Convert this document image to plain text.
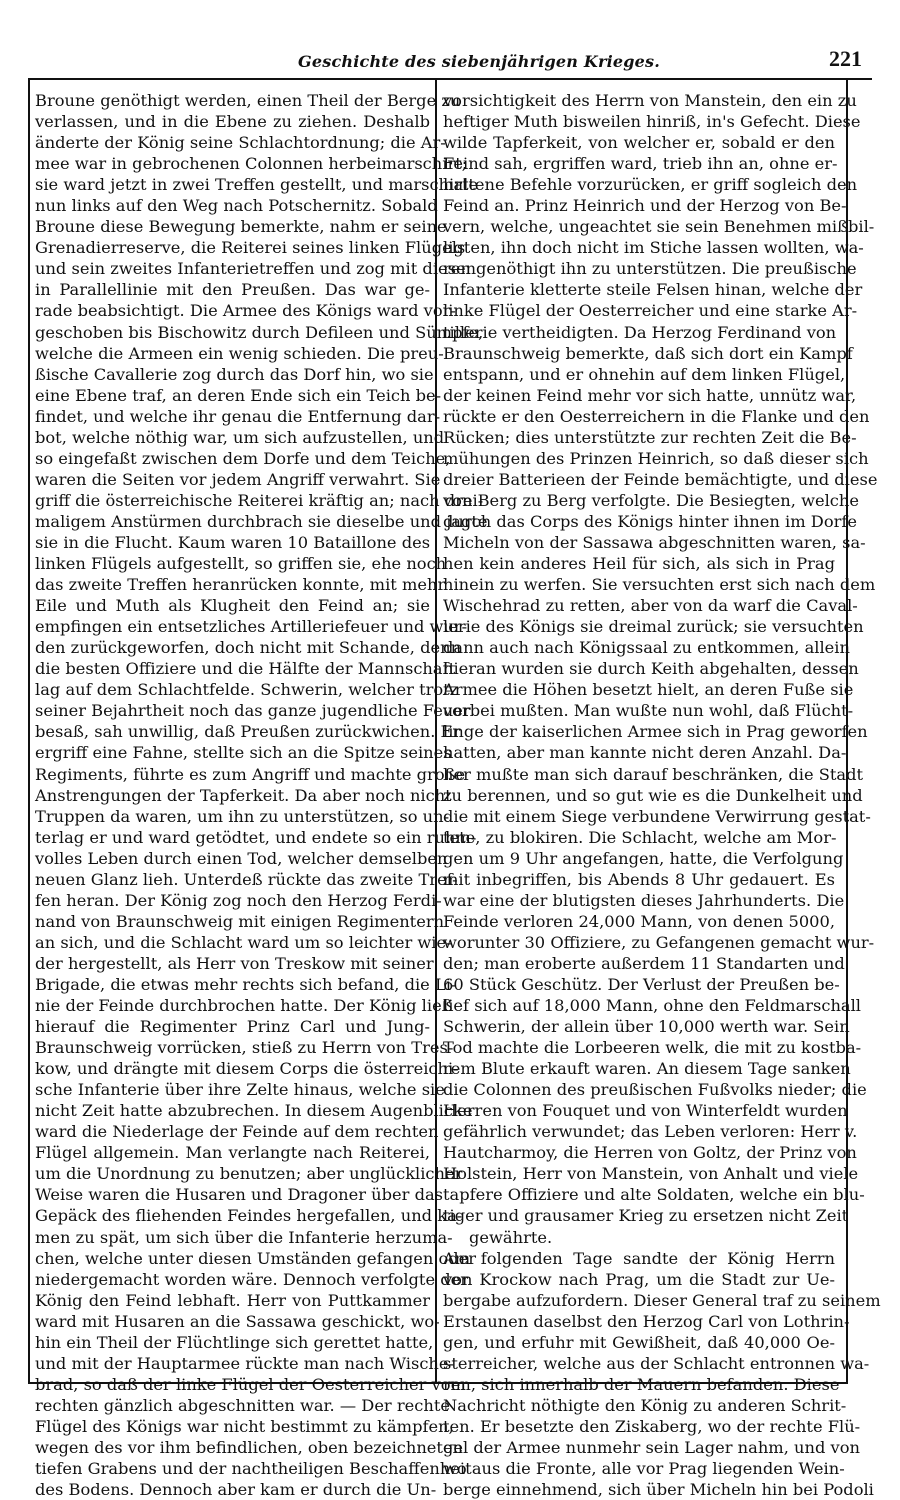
Geschichte des siebenjährigen Krieges.	221
Broune genöthigt werden, einen Theil der Berge zu
verlassen, und in die Ebene zu ziehen. Deshalb
änderte der König seine Schlachtordnung; die Ar-
mee war in gebrochenen Colonnen herbeimarschirt;
sie ward jetzt in zwei Treffen gestellt, und marschirte
nun links auf den Weg nach Potschernitz. Sobald
Broune diese Bewegung bemerkte, nahm er seine
Grenadierreserve, die Reiterei seines linken Flügels
und sein zweites Infanterietreffen und zog mit diesen
in Parallellinie mit den Preußen. Das war ge-
rade beabsichtigt. Die Armee des Königs ward vor-
geschoben bis Bischowitz durch Defileen und Sümpfe,
welche die Armeen ein wenig schieden. Die preu-
ßische Cavallerie zog durch das Dorf hin, wo sie
eine Ebene traf, an deren Ende sich ein Teich be-
findet, und welche ihr genau die Entfernung dar-
bot, welche nöthig war, um sich aufzustellen, und
so eingefaßt zwischen dem Dorfe und dem Teiche,
waren die Seiten vor jedem Angriff verwahrt. Sie
griff die österreichische Reiterei kräftig an; nach drei-
maligem Anstürmen durchbrach sie dieselbe und jagte
sie in die Flucht. Kaum waren 10 Bataillone des
linken Flügels aufgestellt, so griffen sie, ehe noch
das zweite Treffen heranrücken konnte, mit mehr
Eile und Muth als Klugheit den Feind an; sie
empfingen ein entsetzliches Artilleriefeuer und wur-
den zurückgeworfen, doch nicht mit Schande, denn
die besten Offiziere und die Hälfte der Mannschaft
lag auf dem Schlachtfelde. Schwerin, welcher trotz
seiner Bejahrtheit noch das ganze jugendliche Feuer
besaß, sah unwillig, daß Preußen zurückwichen. Er
ergriff eine Fahne, stellte sich an die Spitze seines
Regiments, führte es zum Angriff und machte große
Anstrengungen der Tapferkeit. Da aber noch nicht
Truppen da waren, um ihn zu unterstützen, so un-
terlag er und ward getödtet, und endete so ein ruhm-
volles Leben durch einen Tod, welcher demselben
neuen Glanz lieh. Unterdeß rückte das zweite Tref-
fen heran. Der König zog noch den Herzog Ferdi-
nand von Braunschweig mit einigen Regimentern
an sich, und die Schlacht ward um so leichter wie-
der hergestellt, als Herr von Treskow mit seiner
Brigade, die etwas mehr rechts sich befand, die Li-
nie der Feinde durchbrochen hatte. Der König ließ
hierauf die Regimenter Prinz Carl und Jung-
Braunschweig vorrücken, stieß zu Herrn von Tres-
kow, und drängte mit diesem Corps die österreichi-
sche Infanterie über ihre Zelte hinaus, welche sie
nicht Zeit hatte abzubrechen. In diesem Augenblicke
ward die Niederlage der Feinde auf dem rechten
Flügel allgemein. Man verlangte nach Reiterei,
um die Unordnung zu benutzen; aber unglücklicher
Weise waren die Husaren und Dragoner über das
Gepäck des fliehenden Feindes hergefallen, und ka-
men zu spät, um sich über die Infanterie herzuma-
chen, welche unter diesen Umständen gefangen oder
niedergemacht worden wäre. Dennoch verfolgte der
König den Feind lebhaft. Herr von Puttkammer
ward mit Husaren an die Sassawa geschickt, wo-
hin ein Theil der Flüchtlinge sich gerettet hatte,
und mit der Hauptarmee rückte man nach Wische-
brad, so daß der linke Flügel der Oesterreicher vom
rechten gänzlich abgeschnitten war. — Der rechte
Flügel des Königs war nicht bestimmt zu kämpfen,
wegen des vor ihm befindlichen, oben bezeichneten
tiefen Grabens und der nachtheiligen Beschaffenheit
des Bodens. Dennoch aber kam er durch die Un-
vorsichtigkeit des Herrn von Manstein, den ein zu
heftiger Muth bisweilen hinriß, in's Gefecht. Diese
wilde Tapferkeit, von welcher er, sobald er den
Feind sah, ergriffen ward, trieb ihn an, ohne er-
haltene Befehle vorzurücken, er griff sogleich den
Feind an. Prinz Heinrich und der Herzog von Be-
vern, welche, ungeachtet sie sein Benehmen mißbil-
ligten, ihn doch nicht im Stiche lassen wollten, wa-
ren genöthigt ihn zu unterstützen. Die preußische
Infanterie kletterte steile Felsen hinan, welche der
linke Flügel der Oesterreicher und eine starke Ar-
tillerie vertheidigten. Da Herzog Ferdinand von
Braunschweig bemerkte, daß sich dort ein Kampf
entspann, und er ohnehin auf dem linken Flügel,
der keinen Feind mehr vor sich hatte, unnütz war,
rückte er den Oesterreichern in die Flanke und den
Rücken; dies unterstützte zur rechten Zeit die Be-
mühungen des Prinzen Heinrich, so daß dieser sich
dreier Batterieen der Feinde bemächtigte, und diese
von Berg zu Berg verfolgte. Die Besiegten, welche
durch das Corps des Königs hinter ihnen im Dorfe
Micheln von der Sassawa abgeschnitten waren, sa-
hen kein anderes Heil für sich, als sich in Prag
hinein zu werfen. Sie versuchten erst sich nach dem
Wischehrad zu retten, aber von da warf die Caval-
lerie des Königs sie dreimal zurück; sie versuchten
dann auch nach Königssaal zu entkommen, allein
hieran wurden sie durch Keith abgehalten, dessen
Armee die Höhen besetzt hielt, an deren Fuße sie
vorbei mußten. Man wußte nun wohl, daß Flücht-
linge der kaiserlichen Armee sich in Prag geworfen
hatten, aber man kannte nicht deren Anzahl. Da-
her mußte man sich darauf beschränken, die Stadt
zu berennen, und so gut wie es die Dunkelheit und
die mit einem Siege verbundene Verwirrung gestat-
tete, zu blokiren. Die Schlacht, welche am Mor-
gen um 9 Uhr angefangen, hatte, die Verfolgung
mit inbegriffen, bis Abends 8 Uhr gedauert. Es
war eine der blutigsten dieses Jahrhunderts. Die
Feinde verloren 24,000 Mann, von denen 5000,
worunter 30 Offiziere, zu Gefangenen gemacht wur-
den; man eroberte außerdem 11 Standarten und
60 Stück Geschütz. Der Verlust der Preußen be-
lief sich auf 18,000 Mann, ohne den Feldmarschall
Schwerin, der allein über 10,000 werth war. Sein
Tod machte die Lorbeeren welk, die mit zu kostba-
rem Blute erkauft waren. An diesem Tage sanken
die Colonnen des preußischen Fußvolks nieder; die
Herren von Fouquet und von Winterfeldt wurden
gefährlich verwundet; das Leben verloren: Herr v.
Hautcharmoy, die Herren von Goltz, der Prinz von
Holstein, Herr von Manstein, von Anhalt und viele
tapfere Offiziere und alte Soldaten, welche ein blu-
tiger und grausamer Krieg zu ersetzen nicht Zeit
gewährte.
Am folgenden Tage sandte der König Herrn
von Krockow nach Prag, um die Stadt zur Ue-
bergabe aufzufordern. Dieser General traf zu seinem
Erstaunen daselbst den Herzog Carl von Lothrin-
gen, und erfuhr mit Gewißheit, daß 40,000 Oe-
sterreicher, welche aus der Schlacht entronnen wa-
ren, sich innerhalb der Mauern befanden. Diese
Nachricht nöthigte den König zu anderen Schrit-
ten. Er besetzte den Ziskaberg, wo der rechte Flü-
gel der Armee nunmehr sein Lager nahm, und von
wo aus die Fronte, alle vor Prag liegenden Wein-
berge einnehmend, sich über Micheln hin bei Podoli
